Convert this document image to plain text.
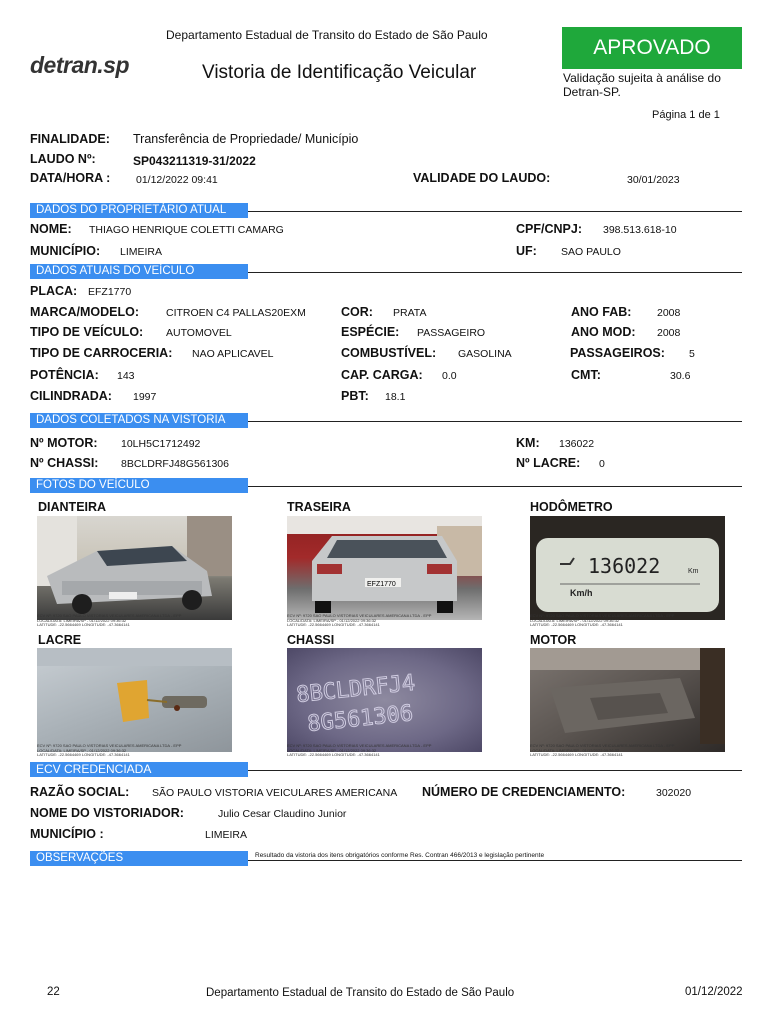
Departamento Estadual de Transito do Estado de São Paulo
detran.sp	Vistoria de Identificação Veicular
APROVADO
Validação sujeita à análise do Detran-SP.
Página 1 de 1
FINALIDADE: Transferência de Propriedade/ Município
LAUDO Nº:	SP043211319-31/2022
DATA/HORA : 01/12/2022 09:41	VALIDADE DO LAUDO:	30/01/2023
DADOS DO PROPRIETÁRIO ATUAL
NOME: THIAGO HENRIQUE COLETTI CAMARG	CPF/CNPJ: 398.513.618-10
MUNICÍPIO: LIMEIRA	UF: SAO PAULO
DADOS ATUAIS DO VEÍCULO
PLACA: EFZ1770
MARCA/MODELO:	CITROEN C4 PALLAS20EXM	COR: PRATA	ANO FAB: 2008
TIPO DE VEÍCULO: AUTOMOVEL	ESPÉCIE: PASSAGEIRO	ANO MOD: 2008
TIPO DE CARROCERIA: NAO APLICAVEL	COMBUSTÍVEL: GASOLINA	PASSAGEIROS: 5
POTÊNCIA: 143	CAP. CARGA: 0.0	CMT:	30.6
CILINDRADA: 1997	PBT: 18.1
DADOS COLETADOS NA VISTORIA
Nº MOTOR: 10LH5C1712492	KM: 136022
Nº CHASSI: 8BCLDRFJ48G561306	Nº LACRE: 0
FOTOS DO VEÍCULO
DIANTEIRA	TRASEIRA	HODÔMETRO
ECV Nº: 9720 SAO PAULO VISTORIAS VEICULARES AMERICANA LTDA - EPP
LOCAL/DATA: LIMEIRA/SP - 01/12/2022 09:36:32
LATITUDE: -22.5664469 LONGITUDE: -47.3664141
EFZ1770
ECV Nº: 9720 SAO PAULO VISTORIAS VEICULARES AMERICANA LTDA - EPP
LOCAL/DATA: LIMEIRA/SP - 01/12/2022 09:36:32
LATITUDE: -22.5664469 LONGITUDE: -47.3664141
136022	Km
Km/h
ECV Nº: 9720 SAO PAULO VISTORIAS VEICULARES AMERICANA LTDA - EPP
LOCAL/DATA: LIMEIRA/SP - 01/12/2022 09:36:32
LATITUDE: -22.5664469 LONGITUDE: -47.3664141
LACRE	CHASSI	MOTOR
ECV Nº: 9720 SAO PAULO VISTORIAS VEICULARES AMERICANA LTDA - EPP
LOCAL/DATA: LIMEIRA/SP - 01/12/2022 09:36:32
LATITUDE: -22.5664469 LONGITUDE: -47.3664141
8BCLDRFJ4
8G561306
ECV Nº: 9720 SAO PAULO VISTORIAS VEICULARES AMERICANA LTDA - EPP
LOCAL/DATA: LIMEIRA/SP - 01/12/2022 09:36:32
LATITUDE: -22.5664469 LONGITUDE: -47.3664141
ECV Nº: 9720 SAO PAULO VISTORIAS VEICULARES AMERICANA LTDA - EPP
LOCAL/DATA: LIMEIRA/SP - 01/12/2022 09:36:32
LATITUDE: -22.5664469 LONGITUDE: -47.3664141
ECV CREDENCIADA
RAZÃO SOCIAL: SÃO PAULO VISTORIA VEICULARES AMERICANA NÚMERO DE CREDENCIAMENTO:	302020
NOME DO VISTORIADOR:	Julio Cesar Claudino Junior
MUNICÍPIO :	LIMEIRA
OBSERVAÇÕES	Resultado da vistoria dos itens obrigatórios conforme Res. Contran 466/2013 e legislação pertinente
22	Departamento Estadual de Transito do Estado de São Paulo	01/12/2022
